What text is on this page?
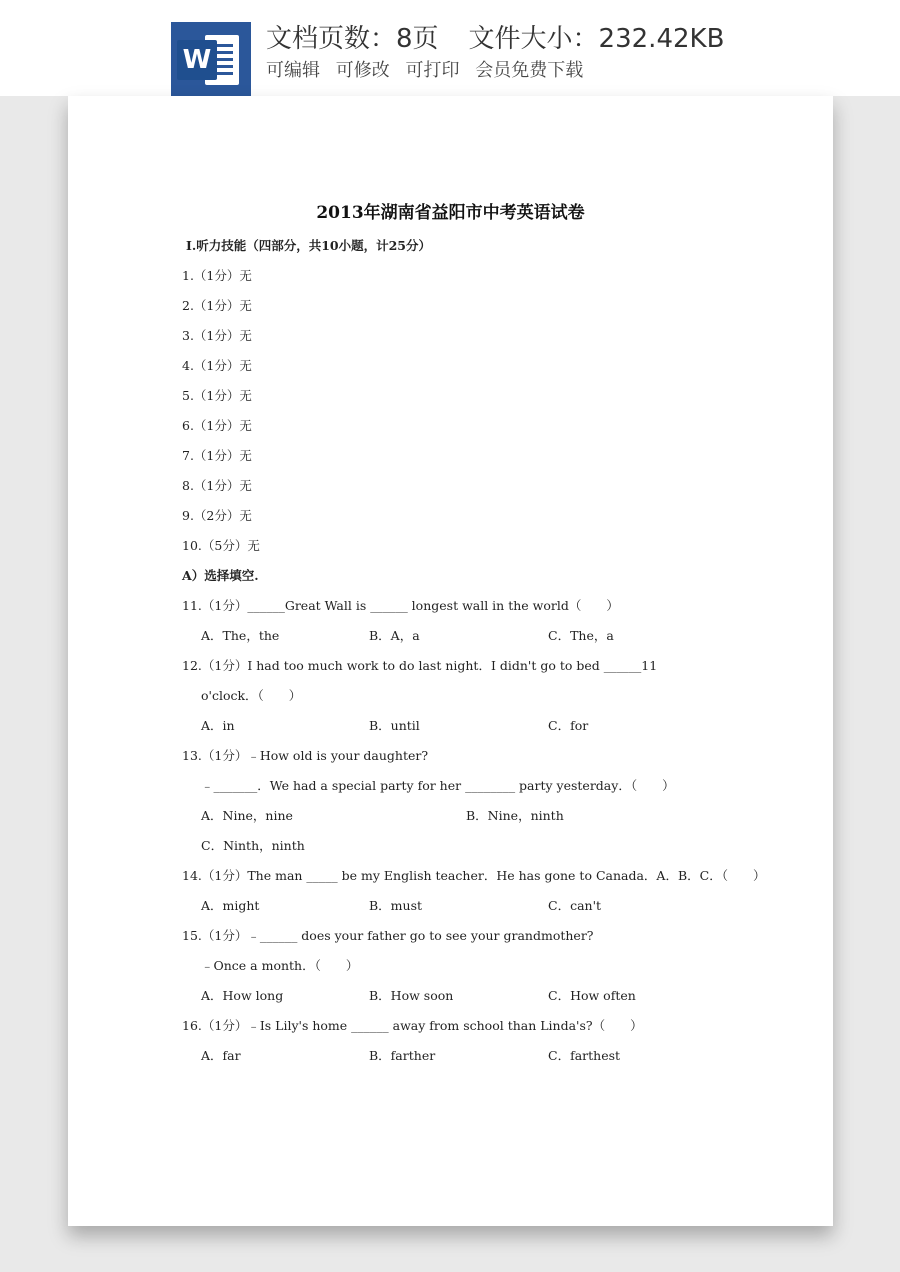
W
文档页数：8页 文件大小：232.42KB
可编辑 可修改 可打印 会员免费下载
2013年湖南省益阳市中考英语试卷
Ⅰ.听力技能（四部分，共10小题，计25分）
1.（1分）无
2.（1分）无
3.（1分）无
4.（1分）无
5.（1分）无
6.（1分）无
7.（1分）无
8.（1分）无
9.（2分）无
10.（5分）无
A）选择填空.
11.（1分）______Great Wall is ______ longest wall in the world（　　）
A．The，the	B．A，a	C．The，a
12.（1分）I had too much work to do last night．I didn't go to bed ______11
o'clock．（　　）
A．in	B．until	C．for
13.（1分）﹣How old is your daughter?
﹣_______．We had a special party for her ________ party yesterday．（　　）
A．Nine，nine	B．Nine，ninth
C．Ninth，ninth
14.（1分）The man _____ be my English teacher．He has gone to Canada．A．B．C．（　　）
A．might	B．must	C．can't
15.（1分）﹣______ does your father go to see your grandmother?
﹣Once a month．（　　）
A．How long	B．How soon	C．How often
16.（1分）﹣Is Lily's home ______ away from school than Linda's?（　　）
A．far	B．farther	C．farthest
